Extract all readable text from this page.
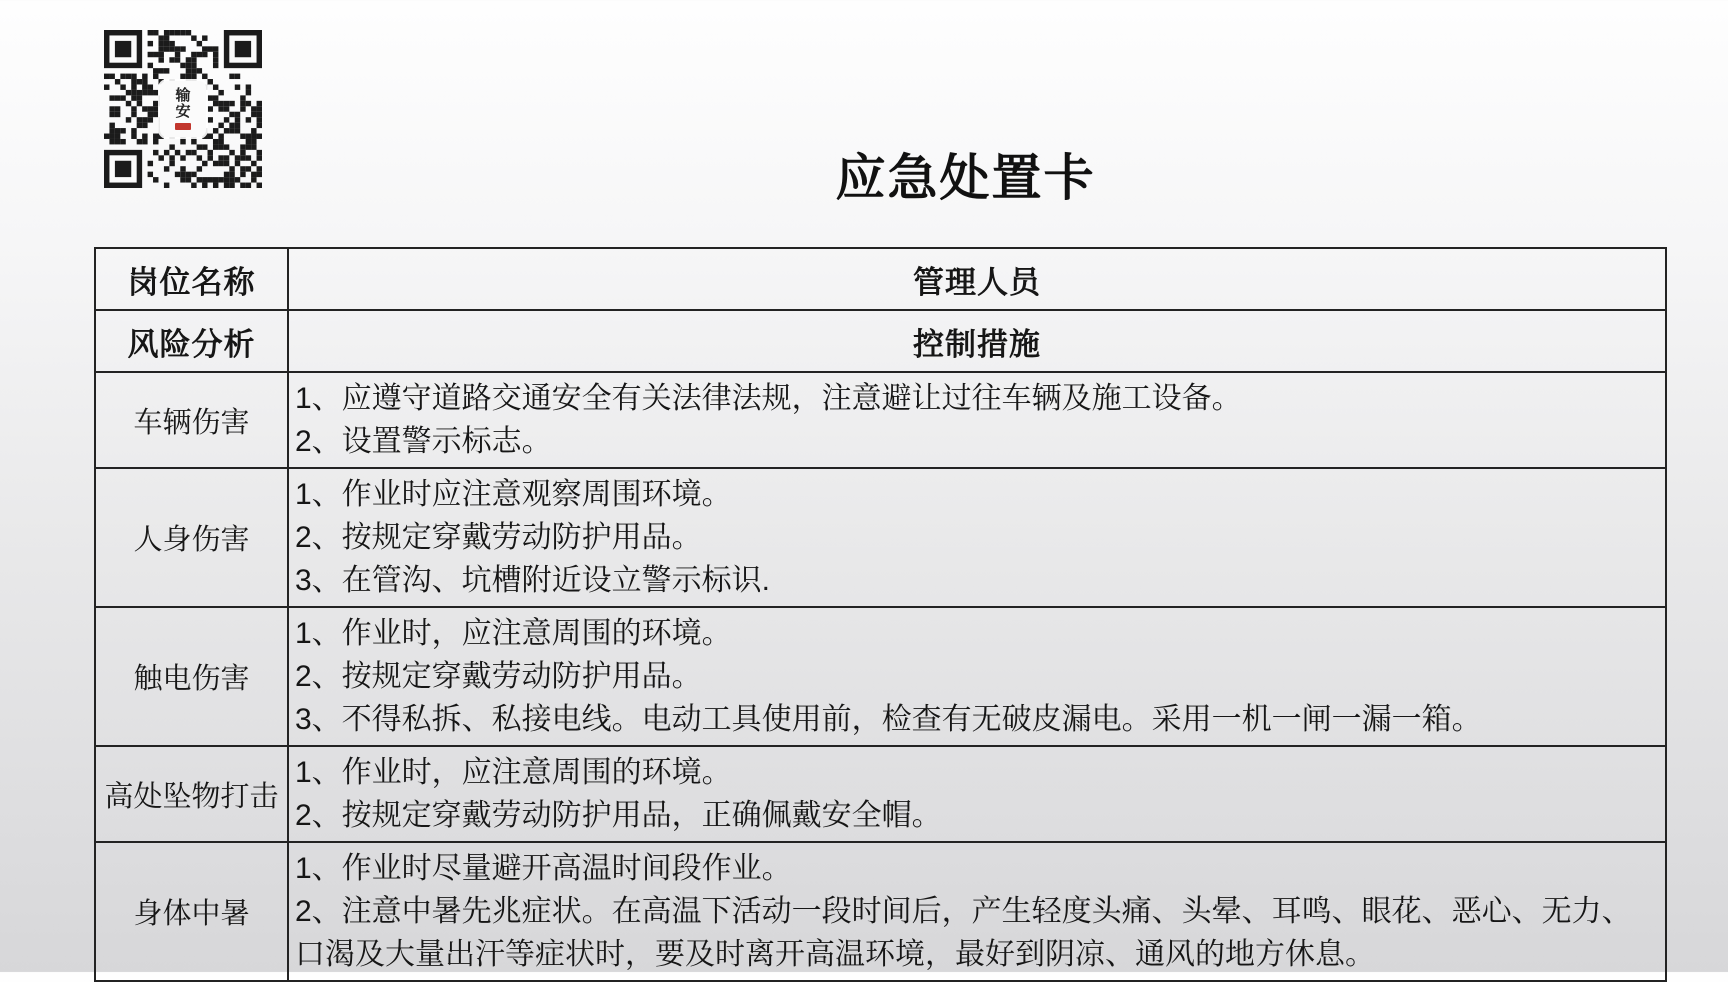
输
安
应急处置卡
岗位名称	管理人员
风险分析	控制措施
车辆伤害	1、应遵守道路交通安全有关法律法规，注意避让过往车辆及施工设备。
2、设置警示标志。

人身伤害	1、作业时应注意观察周围环境。
2、按规定穿戴劳动防护用品。
3、在管沟、坑槽附近设立警示标识.

触电伤害	1、作业时，应注意周围的环境。
2、按规定穿戴劳动防护用品。
3、不得私拆、私接电线。电动工具使用前，检查有无破皮漏电。采用一机一闸一漏一箱。

高处坠物打击	1、作业时，应注意周围的环境。
2、按规定穿戴劳动防护用品，正确佩戴安全帽。

身体中暑	1、作业时尽量避开高温时间段作业。
2、注意中暑先兆症状。在高温下活动一段时间后，产生轻度头痛、头晕、耳鸣、眼花、恶心、无力、口渴及大量出汗等症状时，要及时离开高温环境，最好到阴凉、通风的地方休息。
